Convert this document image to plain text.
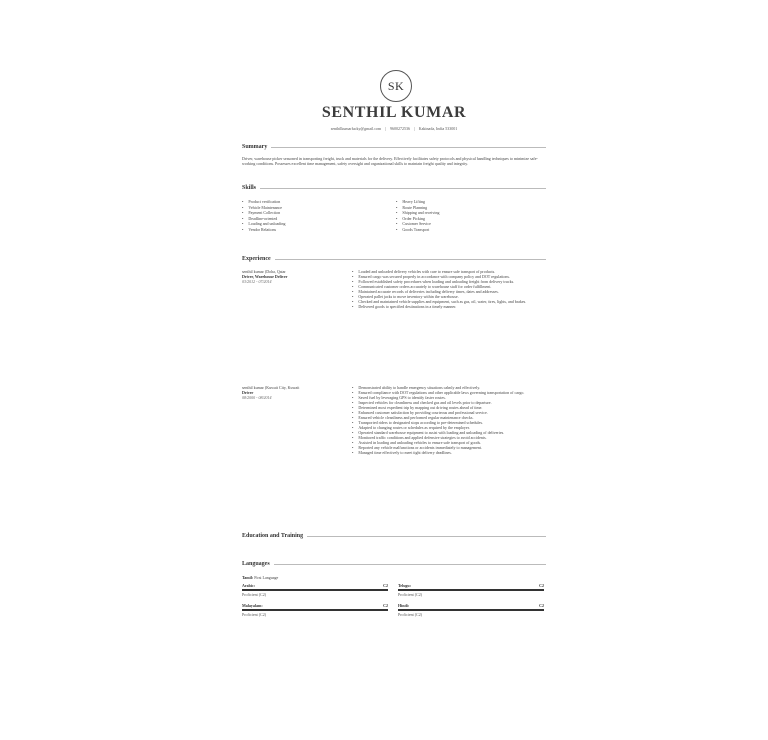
SK
SENTHIL KUMAR
senthilkumarlucky@gmail.com | 9600272536 | Kakinada, India 533001
Summary
Driver, warehouse picker seasoned in transporting freight, truck and materials for the delivery. Effectively facilitates safety protocols and physical handling techniques to minimize safe-working conditions. Possesses excellent time management, safety oversight and organizational skills to maintain freight quality and integrity.
Skills
• Product verification
• Vehicle Maintenance
• Payment Collection
• Deadline-oriented
• Loading and unloading
• Vendor Relations
• Heavy Lifting
• Route Planning
• Shipping and receiving
• Order Picking
• Customer Service
• Goods Transport
Experience
senthil kumar (Doha, Qatar
Driver, Warehouse Deliver
03/2012 - 07/2014
• Loaded and unloaded delivery vehicles with care to ensure safe transport of products.
• Ensured cargo was secured properly in accordance with company policy and DOT regulations.
• Followed established safety procedures when loading and unloading freight from delivery trucks.
• Communicated customer orders accurately to warehouse staff for order fulfillment.
• Maintained accurate records of deliveries including delivery times, dates and addresses.
• Operated pallet jacks to move inventory within the warehouse.
• Checked and maintained vehicle supplies and equipment, such as gas, oil, water, tires, lights, and brakes.
• Delivered goods to specified destinations in a timely manner.
senthil kumar (Kuwait City, Kuwait
Driver
08/2000 - 08/2014
• Demonstrated ability to handle emergency situations calmly and effectively.
• Ensured compliance with DOT regulations and other applicable laws governing transportation of cargo.
• Saved fuel by leveraging GPS to identify faster routes.
• Inspected vehicles for cleanliness and checked gas and oil levels prior to departure.
• Determined most expedient trip by mapping out driving routes ahead of time.
• Enhanced customer satisfaction by providing courteous and professional service.
• Ensured vehicle cleanliness and performed regular maintenance checks.
• Transported riders to designated stops according to pre-determined schedules.
• Adapted to changing routes or schedules as required by the employer.
• Operated standard warehouse equipment to assist with loading and unloading of deliveries.
• Monitored traffic conditions and applied defensive strategies to avoid accidents.
• Assisted in loading and unloading vehicles to ensure safe transport of goods.
• Reported any vehicle malfunctions or accidents immediately to management.
• Managed time effectively to meet tight delivery deadlines.
Education and Training
Languages
Tamil: First Language
Arabic:	C2
Proficient (C2)
Telugu:	C2
Proficient (C2)
Malayalam:	C2
Proficient (C2)
Hindi:	C2
Proficient (C2)
